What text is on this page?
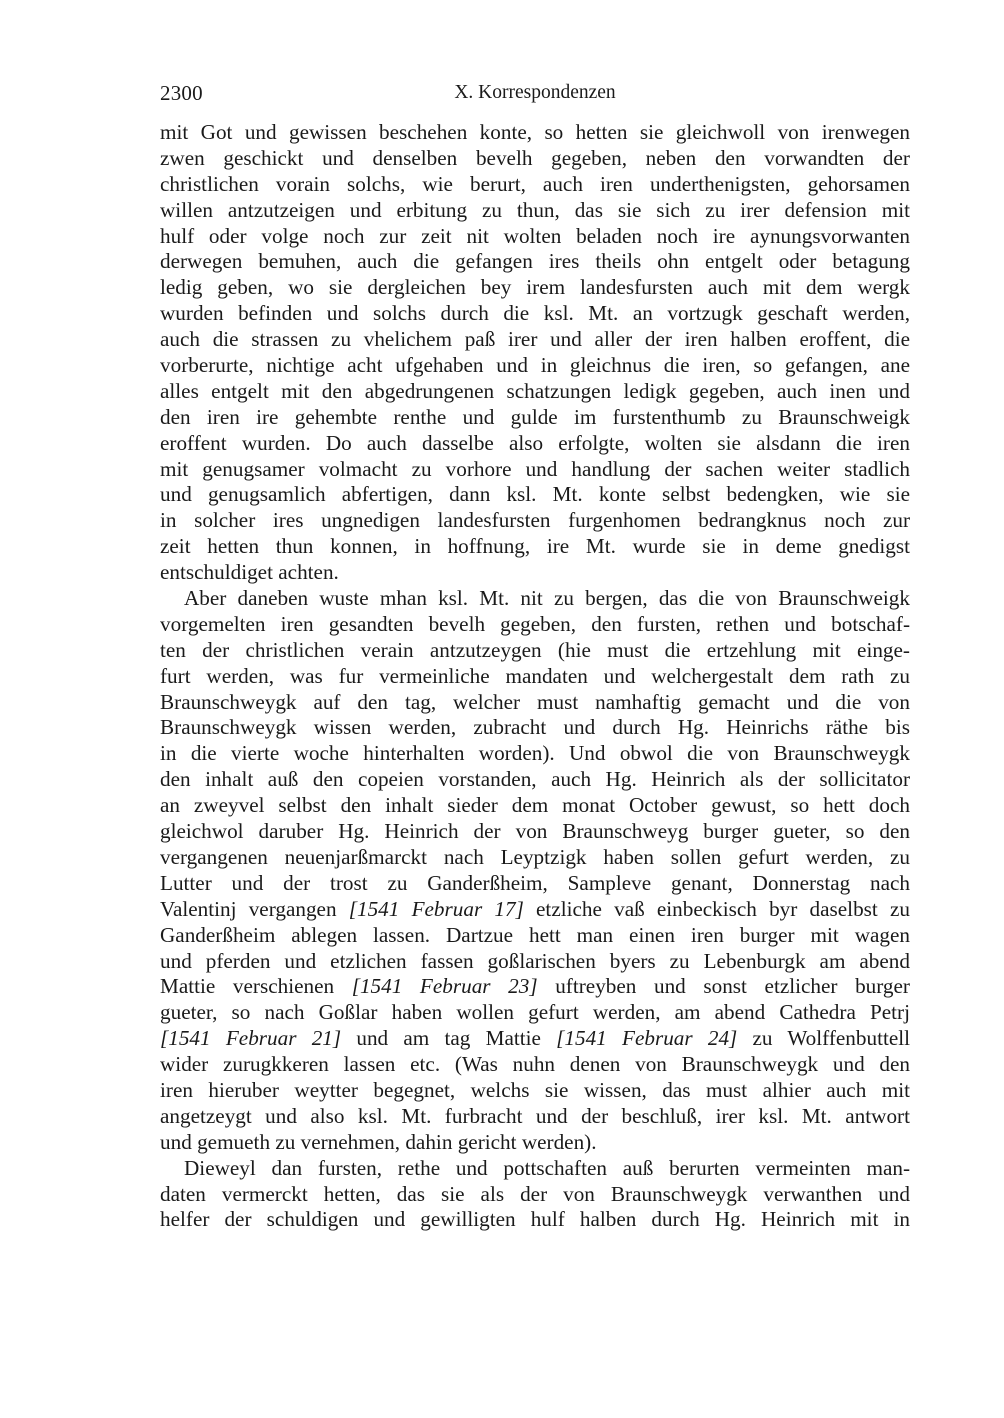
2300	X. Korrespondenzen
mit Got und gewissen beschehen konte, so hetten sie gleichwoll von irenwegen
zwen geschickt und denselben bevelh gegeben, neben den vorwandten der
christlichen vorain solchs, wie berurt, auch iren underthenigsten, gehorsamen
willen antzutzeigen und erbitung zu thun, das sie sich zu irer defension mit
hulf oder volge noch zur zeit nit wolten beladen noch ire aynungsvorwanten
derwegen bemuhen, auch die gefangen ires theils ohn entgelt oder betagung
ledig geben, wo sie dergleichen bey irem landesfursten auch mit dem wergk
wurden befinden und solchs durch die ksl. Mt. an vortzugk geschaft werden,
auch die strassen zu vhelichem paß irer und aller der iren halben eroffent, die
vorberurte, nichtige acht ufgehaben und in gleichnus die iren, so gefangen, ane
alles entgelt mit den abgedrungenen schatzungen ledigk gegeben, auch inen und
den iren ire gehembte renthe und gulde im furstenthumb zu Braunschweigk
eroffent wurden. Do auch dasselbe also erfolgte, wolten sie alsdann die iren
mit genugsamer volmacht zu vorhore und handlung der sachen weiter stadlich
und genugsamlich abfertigen, dann ksl. Mt. konte selbst bedengken, wie sie
in solcher ires ungnedigen landesfursten furgenhomen bedrangknus noch zur
zeit hetten thun konnen, in hoffnung, ire Mt. wurde sie in deme gnedigst
entschuldiget achten.
Aber daneben wuste mhan ksl. Mt. nit zu bergen, das die von Braunschweigk
vorgemelten iren gesandten bevelh gegeben, den fursten, rethen und botschaf-
ten der christlichen verain antzutzeygen (hie must die ertzehlung mit einge-
furt werden, was fur vermeinliche mandaten und welchergestalt dem rath zu
Braunschweygk auf den tag, welcher must namhaftig gemacht und die von
Braunschweygk wissen werden, zubracht und durch Hg. Heinrichs räthe bis
in die vierte woche hinterhalten worden). Und obwol die von Braunschweygk
den inhalt auß den copeien vorstanden, auch Hg. Heinrich als der sollicitator
an zweyvel selbst den inhalt sieder dem monat October gewust, so hett doch
gleichwol daruber Hg. Heinrich der von Braunschweyg burger gueter, so den
vergangenen neuenjarßmarckt nach Leyptzigk haben sollen gefurt werden, zu
Lutter und der trost zu Ganderßheim, Sampleve genant, Donnerstag nach
Valentinj vergangen [1541 Februar 17] etzliche vaß einbeckisch byr daselbst zu
Ganderßheim ablegen lassen. Dartzue hett man einen iren burger mit wagen
und pferden und etzlichen fassen goßlarischen byers zu Lebenburgk am abend
Mattie verschienen [1541 Februar 23] uftreyben und sonst etzlicher burger
gueter, so nach Goßlar haben wollen gefurt werden, am abend Cathedra Petrj
[1541 Februar 21] und am tag Mattie [1541 Februar 24] zu Wolffenbuttell
wider zurugkkeren lassen etc. (Was nuhn denen von Braunschweygk und den
iren hieruber weytter begegnet, welchs sie wissen, das must alhier auch mit
angetzeygt und also ksl. Mt. furbracht und der beschluß, irer ksl. Mt. antwort
und gemueth zu vernehmen, dahin gericht werden).
Dieweyl dan fursten, rethe und pottschaften auß berurten vermeinten man-
daten vermerckt hetten, das sie als der von Braunschweygk verwanthen und
helfer der schuldigen und gewilligten hulf halben durch Hg. Heinrich mit in
